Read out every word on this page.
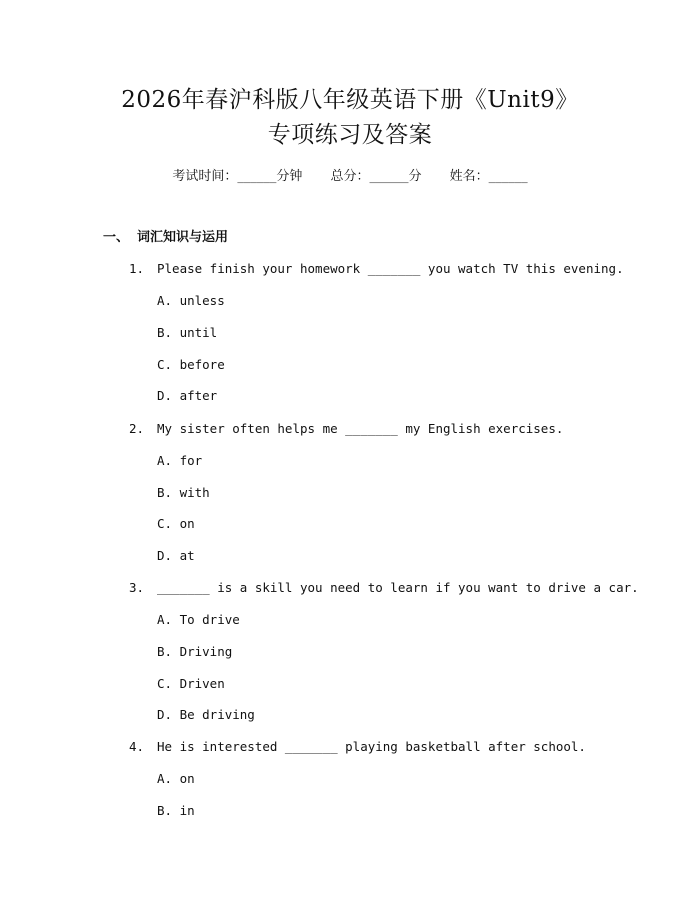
2026年春沪科版八年级英语下册《Unit9》
专项练习及答案
考试时间：______分钟 总分：______分 姓名：______
一、 词汇知识与运用
1. Please finish your homework _______ you watch TV this evening.
A. unless
B. until
C. before
D. after
2. My sister often helps me _______ my English exercises.
A. for
B. with
C. on
D. at
3. _______ is a skill you need to learn if you want to drive a car.
A. To drive
B. Driving
C. Driven
D. Be driving
4. He is interested _______ playing basketball after school.
A. on
B. in
